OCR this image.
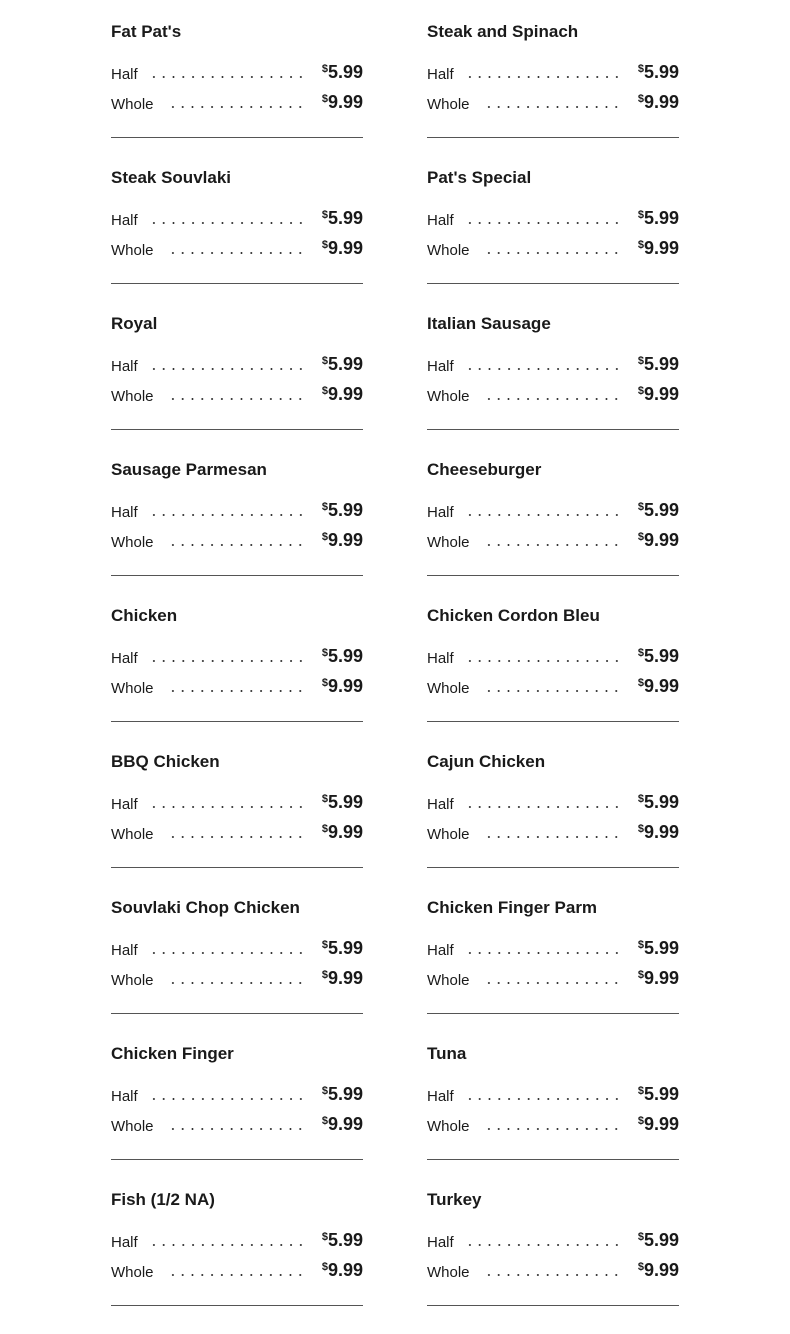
Fat Pat's
Half	$5.99
Whole	$9.99
Steak and Spinach
Half	$5.99
Whole	$9.99
Steak Souvlaki
Half	$5.99
Whole	$9.99
Pat's Special
Half	$5.99
Whole	$9.99
Royal
Half	$5.99
Whole	$9.99
Italian Sausage
Half	$5.99
Whole	$9.99
Sausage Parmesan
Half	$5.99
Whole	$9.99
Cheeseburger
Half	$5.99
Whole	$9.99
Chicken
Half	$5.99
Whole	$9.99
Chicken Cordon Bleu
Half	$5.99
Whole	$9.99
BBQ Chicken
Half	$5.99
Whole	$9.99
Cajun Chicken
Half	$5.99
Whole	$9.99
Souvlaki Chop Chicken
Half	$5.99
Whole	$9.99
Chicken Finger Parm
Half	$5.99
Whole	$9.99
Chicken Finger
Half	$5.99
Whole	$9.99
Tuna
Half	$5.99
Whole	$9.99
Fish (1/2 NA)
Half	$5.99
Whole	$9.99
Turkey
Half	$5.99
Whole	$9.99
